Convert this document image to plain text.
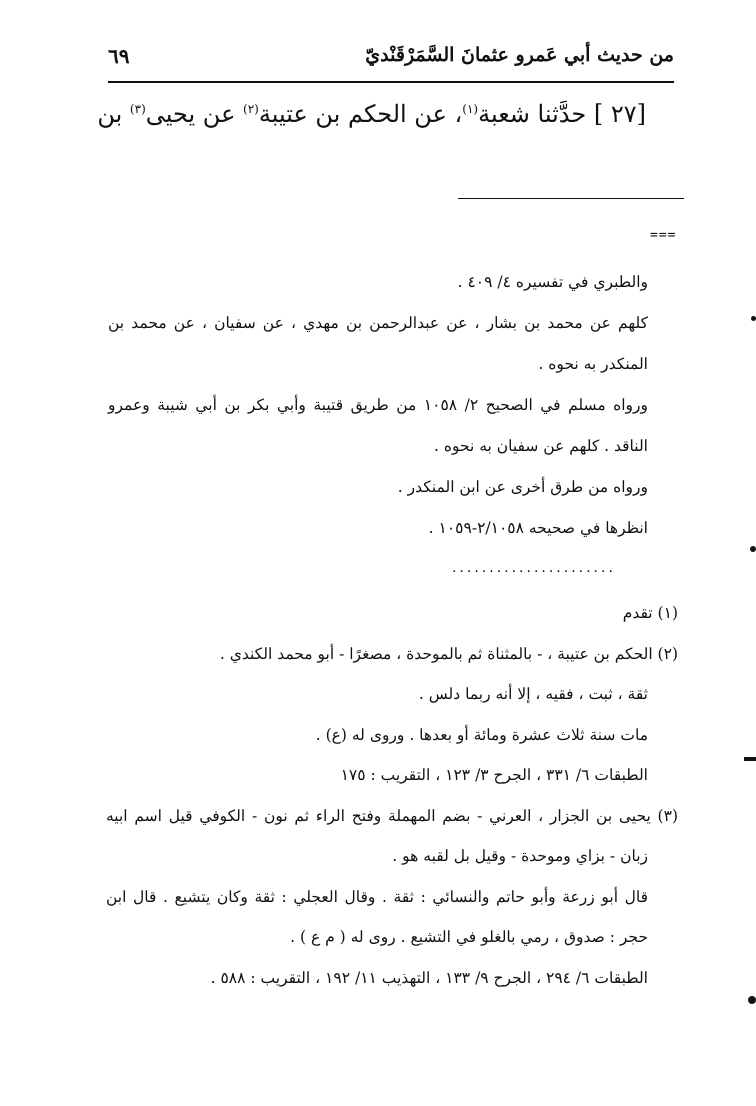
من حديث أبي عَمرو عثمانَ السَّمَرْقَنْديّ
٦٩
[٢٧ ] حدَّثنا شعبة$^{(١)}$، عن الحكم بن عتيبة$^{(٢)}$ عن يحيى$^{(٣)}$ بن
===
والطبري في تفسيره ٤/ ٤٠٩ .
كلهم عن محمد بن بشار ، عن عبدالرحمن بن مهدي ، عن سفيان ، عن محمد بن
المنكدر به نحوه .
ورواه مسلم في الصحيح ٢/ ١٠٥٨ من طريق قتيبة وأبي بكر بن أبي شيبة وعمرو
الناقد . كلهم عن سفيان به نحوه .
ورواه من طرق أخرى عن ابن المنكدر .
انظرها في صحيحه ٢/١٠٥٨-١٠٥٩ .
......................
(١) تقدم
(٢) الحكم بن عتيبة ، - بالمثناة ثم بالموحدة ، مصغرًا - أبو محمد الكندي .
ثقة ، ثبت ، فقيه ، إلا أنه ربما دلس .
مات سنة ثلاث عشرة ومائة أو بعدها . وروى له (ع) .
الطبقات ٦/ ٣٣١ ، الجرح ٣/ ١٢٣ ، التقريب : ١٧٥
(٣) يحيى بن الجزار ، العرني - بضم المهملة وفتح الراء ثم نون - الكوفي قيل اسم ابيه
زبان - بزاي وموحدة - وقيل بل لقبه هو .
قال أبو زرعة وأبو حاتم والنسائي : ثقة . وقال العجلي : ثقة وكان يتشيع . قال ابن
حجر : صدوق ، رمي بالغلو في التشيع . روى له ( م ع ) .
الطبقات ٦/ ٢٩٤ ، الجرح ٩/ ١٣٣ ، التهذيب ١١/ ١٩٢ ، التقريب : ٥٨٨ .
